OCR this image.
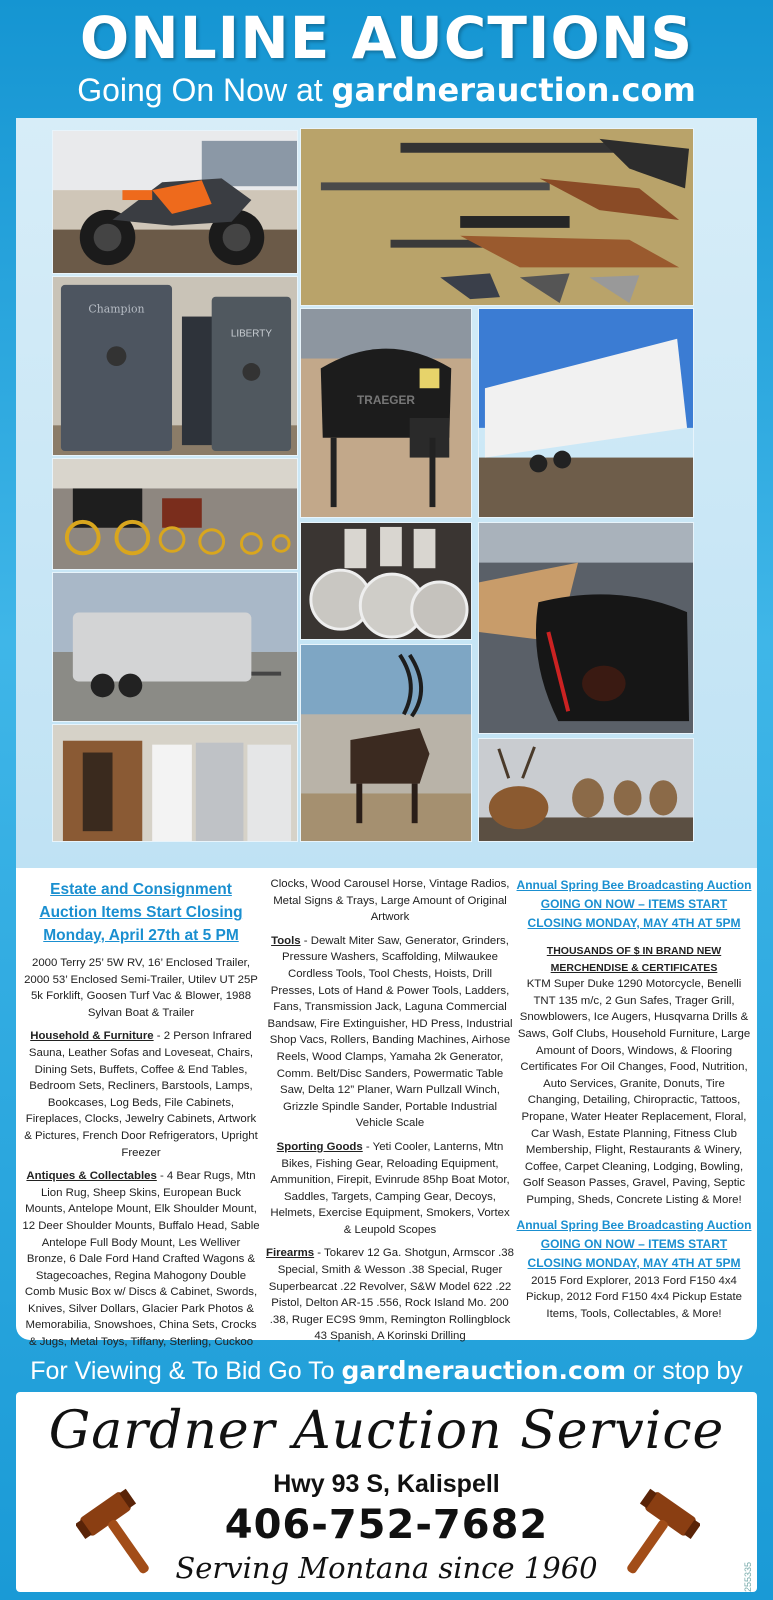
ONLINE AUCTIONS
Going On Now at gardnerauction.com
Champion
LIBERTY
TRAEGER
Estate and Consignment Auction Items Start Closing Monday, April 27th at 5 PM
2000 Terry 25’ 5W RV, 16’ Enclosed Trailer, 2000 53’ Enclosed Semi-Trailer, Utilev UT 25P 5k Forklift, Goosen Turf Vac & Blower, 1988 Sylvan Boat & Trailer
Household & Furniture - 2 Person Infrared Sauna, Leather Sofas and Loveseat, Chairs, Dining Sets, Buffets, Coffee & End Tables, Bedroom Sets, Recliners, Barstools, Lamps, Bookcases, Log Beds, File Cabinets, Fireplaces, Clocks, Jewelry Cabinets, Artwork & Pictures, French Door Refrigerators, Upright Freezer
Antiques & Collectables - 4 Bear Rugs, Mtn Lion Rug, Sheep Skins, European Buck Mounts, Antelope Mount, Elk Shoulder Mount, 12 Deer Shoulder Mounts, Buffalo Head, Sable Antelope Full Body Mount, Les Welliver Bronze, 6 Dale Ford Hand Crafted Wagons & Stagecoaches, Regina Mahogony Double Comb Music Box w/ Discs & Cabinet, Swords, Knives, Silver Dollars, Glacier Park Photos & Memorabilia, Snowshoes, China Sets, Crocks & Jugs, Metal Toys, Tiffany, Sterling, Cuckoo
Clocks, Wood Carousel Horse, Vintage Radios, Metal Signs & Trays, Large Amount of Original Artwork
Tools - Dewalt Miter Saw, Generator, Grinders, Pressure Washers, Scaffolding, Milwaukee Cordless Tools, Tool Chests, Hoists, Drill Presses, Lots of Hand & Power Tools, Ladders, Fans, Transmission Jack, Laguna Commercial Bandsaw, Fire Extinguisher, HD Press, Industrial Shop Vacs, Rollers, Banding Machines, Airhose Reels, Wood Clamps, Yamaha 2k Generator, Comm. Belt/Disc Sanders, Powermatic Table Saw, Delta 12” Planer, Warn Pullzall Winch, Grizzle Spindle Sander, Portable Industrial Vehicle Scale
Sporting Goods - Yeti Cooler, Lanterns, Mtn Bikes, Fishing Gear, Reloading Equipment, Ammunition, Firepit, Evinrude 85hp Boat Motor, Saddles, Targets, Camping Gear, Decoys, Helmets, Exercise Equipment, Smokers, Vortex & Leupold Scopes
Firearms - Tokarev 12 Ga. Shotgun, Armscor .38 Special, Smith & Wesson .38 Special, Ruger Superbearcat .22 Revolver, S&W Model 622 .22 Pistol, Delton AR-15 .556, Rock Island Mo. 200 .38, Ruger EC9S 9mm, Remington Rollingblock 43 Spanish, A Korinski Drilling
Annual Spring Bee Broadcasting Auction GOING ON NOW – ITEMS START CLOSING MONDAY, MAY 4TH AT 5PM
THOUSANDS OF $ IN BRAND NEW MERCHENDISE & CERTIFICATES
KTM Super Duke 1290 Motorcycle, Benelli TNT 135 m/c, 2 Gun Safes, Trager Grill, Snowblowers, Ice Augers, Husqvarna Drills & Saws, Golf Clubs, Household Furniture, Large Amount of Doors, Windows, & Flooring Certificates For Oil Changes, Food, Nutrition, Auto Services, Granite, Donuts, Tire Changing, Detailing, Chiropractic, Tattoos, Propane, Water Heater Replacement, Floral, Car Wash, Estate Planning, Fitness Club Membership, Flight, Restaurants & Winery, Coffee, Carpet Cleaning, Lodging, Bowling, Golf Season Passes, Gravel, Paving, Septic Pumping, Sheds, Concrete Listing & More!
Annual Spring Bee Broadcasting Auction GOING ON NOW – ITEMS START CLOSING MONDAY, MAY 4TH AT 5PM
2015 Ford Explorer, 2013 Ford F150 4x4 Pickup, 2012 Ford F150 4x4 Pickup Estate Items, Tools, Collectables, & More!
For Viewing & To Bid Go To gardnerauction.com or stop by
Gardner Auction Service
Hwy 93 S, Kalispell
406-752-7682
Serving Montana since 1960	255335
